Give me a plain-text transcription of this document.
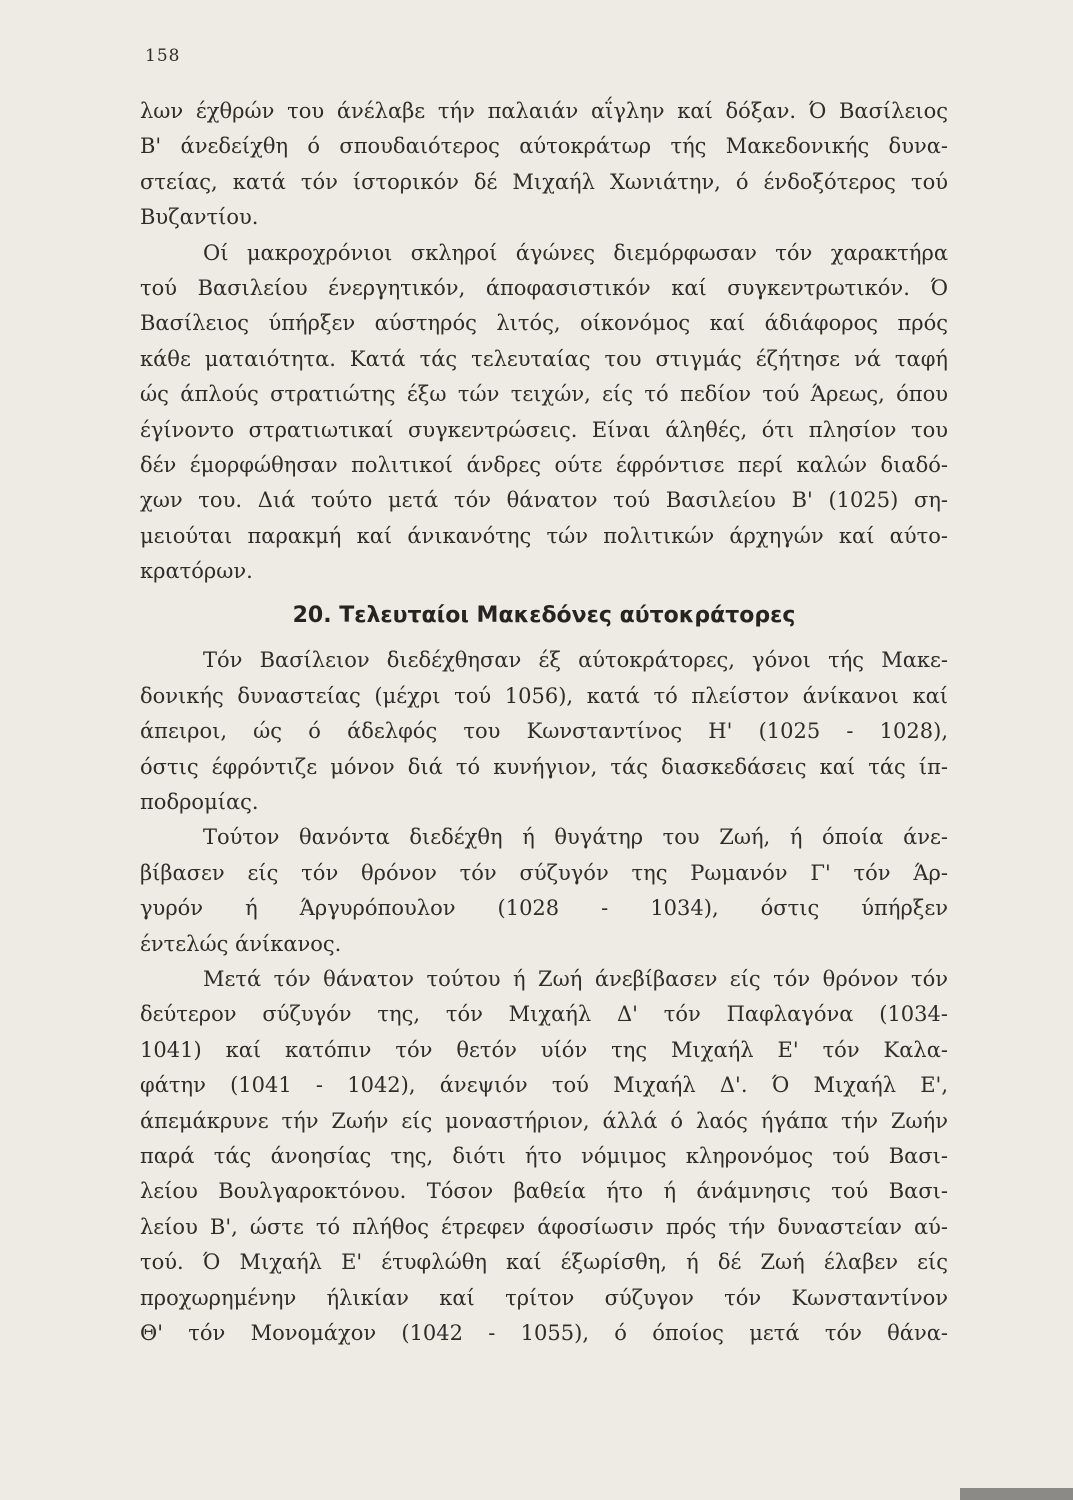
158
λων έχθρών του άνέλαβε τήν παλαιάν αΐγλην καί δόξαν. Ό Βασίλειος
Β' άνεδείχθη ό σπουδαιότερος αύτοκράτωρ τής Μακεδονικής δυνα-
στείας, κατά τόν ίστορικόν δέ Μιχαήλ Χωνιάτην, ό ένδοξότερος τού
Βυζαντίου.
Οί μακροχρόνιοι σκληροί άγώνες διεμόρφωσαν τόν χαρακτήρα
τού Βασιλείου ένεργητικόν, άποφασιστικόν καί συγκεντρωτικόν. Ό
Βασίλειος ύπήρξεν αύστηρός λιτός, οίκονόμος καί άδιάφορος πρός
κάθε ματαιότητα. Κατά τάς τελευταίας του στιγμάς έζήτησε νά ταφή
ώς άπλούς στρατιώτης έξω τών τειχών, είς τό πεδίον τού Άρεως, όπου
έγίνοντο στρατιωτικαί συγκεντρώσεις. Είναι άληθές, ότι πλησίον του
δέν έμορφώθησαν πολιτικοί άνδρες ούτε έφρόντισε περί καλών διαδό-
χων του. Διά τούτο μετά τόν θάνατον τού Βασιλείου Β' (1025) ση-
μειούται παρακμή καί άνικανότης τών πολιτικών άρχηγών καί αύτο-
κρατόρων.
20. Τελευταίοι Μακεδόνες αύτοκράτορες
Τόν Βασίλειον διεδέχθησαν έξ αύτοκράτορες, γόνοι τής Μακε-
δονικής δυναστείας (μέχρι τού 1056), κατά τό πλείστον άνίκανοι καί
άπειροι, ώς ό άδελφός του Κωνσταντίνος Η' (1025 - 1028),
όστις έφρόντιζε μόνον διά τό κυνήγιον, τάς διασκεδάσεις καί τάς ίπ-
ποδρομίας.
Τούτον θανόντα διεδέχθη ή θυγάτηρ του Ζωή, ή όποία άνε-
βίβασεν είς τόν θρόνον τόν σύζυγόν της Ρωμανόν Γ' τόν Άρ-
γυρόν ή Άργυρόπουλον (1028 - 1034), όστις ύπήρξεν
έντελώς άνίκανος.
Μετά τόν θάνατον τούτου ή Ζωή άνεβίβασεν είς τόν θρόνον τόν
δεύτερον σύζυγόν της, τόν Μιχαήλ Δ' τόν Παφλαγόνα (1034-
1041) καί κατόπιν τόν θετόν υίόν της Μιχαήλ Ε' τόν Καλα-
φάτην (1041 - 1042), άνεψιόν τού Μιχαήλ Δ'. Ό Μιχαήλ Ε',
άπεμάκρυνε τήν Ζωήν είς μοναστήριον, άλλά ό λαός ήγάπα τήν Ζωήν
παρά τάς άνοησίας της, διότι ήτο νόμιμος κληρονόμος τού Βασι-
λείου Βουλγαροκτόνου. Τόσον βαθεία ήτο ή άνάμνησις τού Βασι-
λείου Β', ώστε τό πλήθος έτρεφεν άφοσίωσιν πρός τήν δυναστείαν αύ-
τού. Ό Μιχαήλ Ε' έτυφλώθη καί έξωρίσθη, ή δέ Ζωή έλαβεν είς
προχωρημένην ήλικίαν καί τρίτον σύζυγον τόν Κωνσταντίνον
Θ' τόν Μονομάχον (1042 - 1055), ό όποίος μετά τόν θάνα-
